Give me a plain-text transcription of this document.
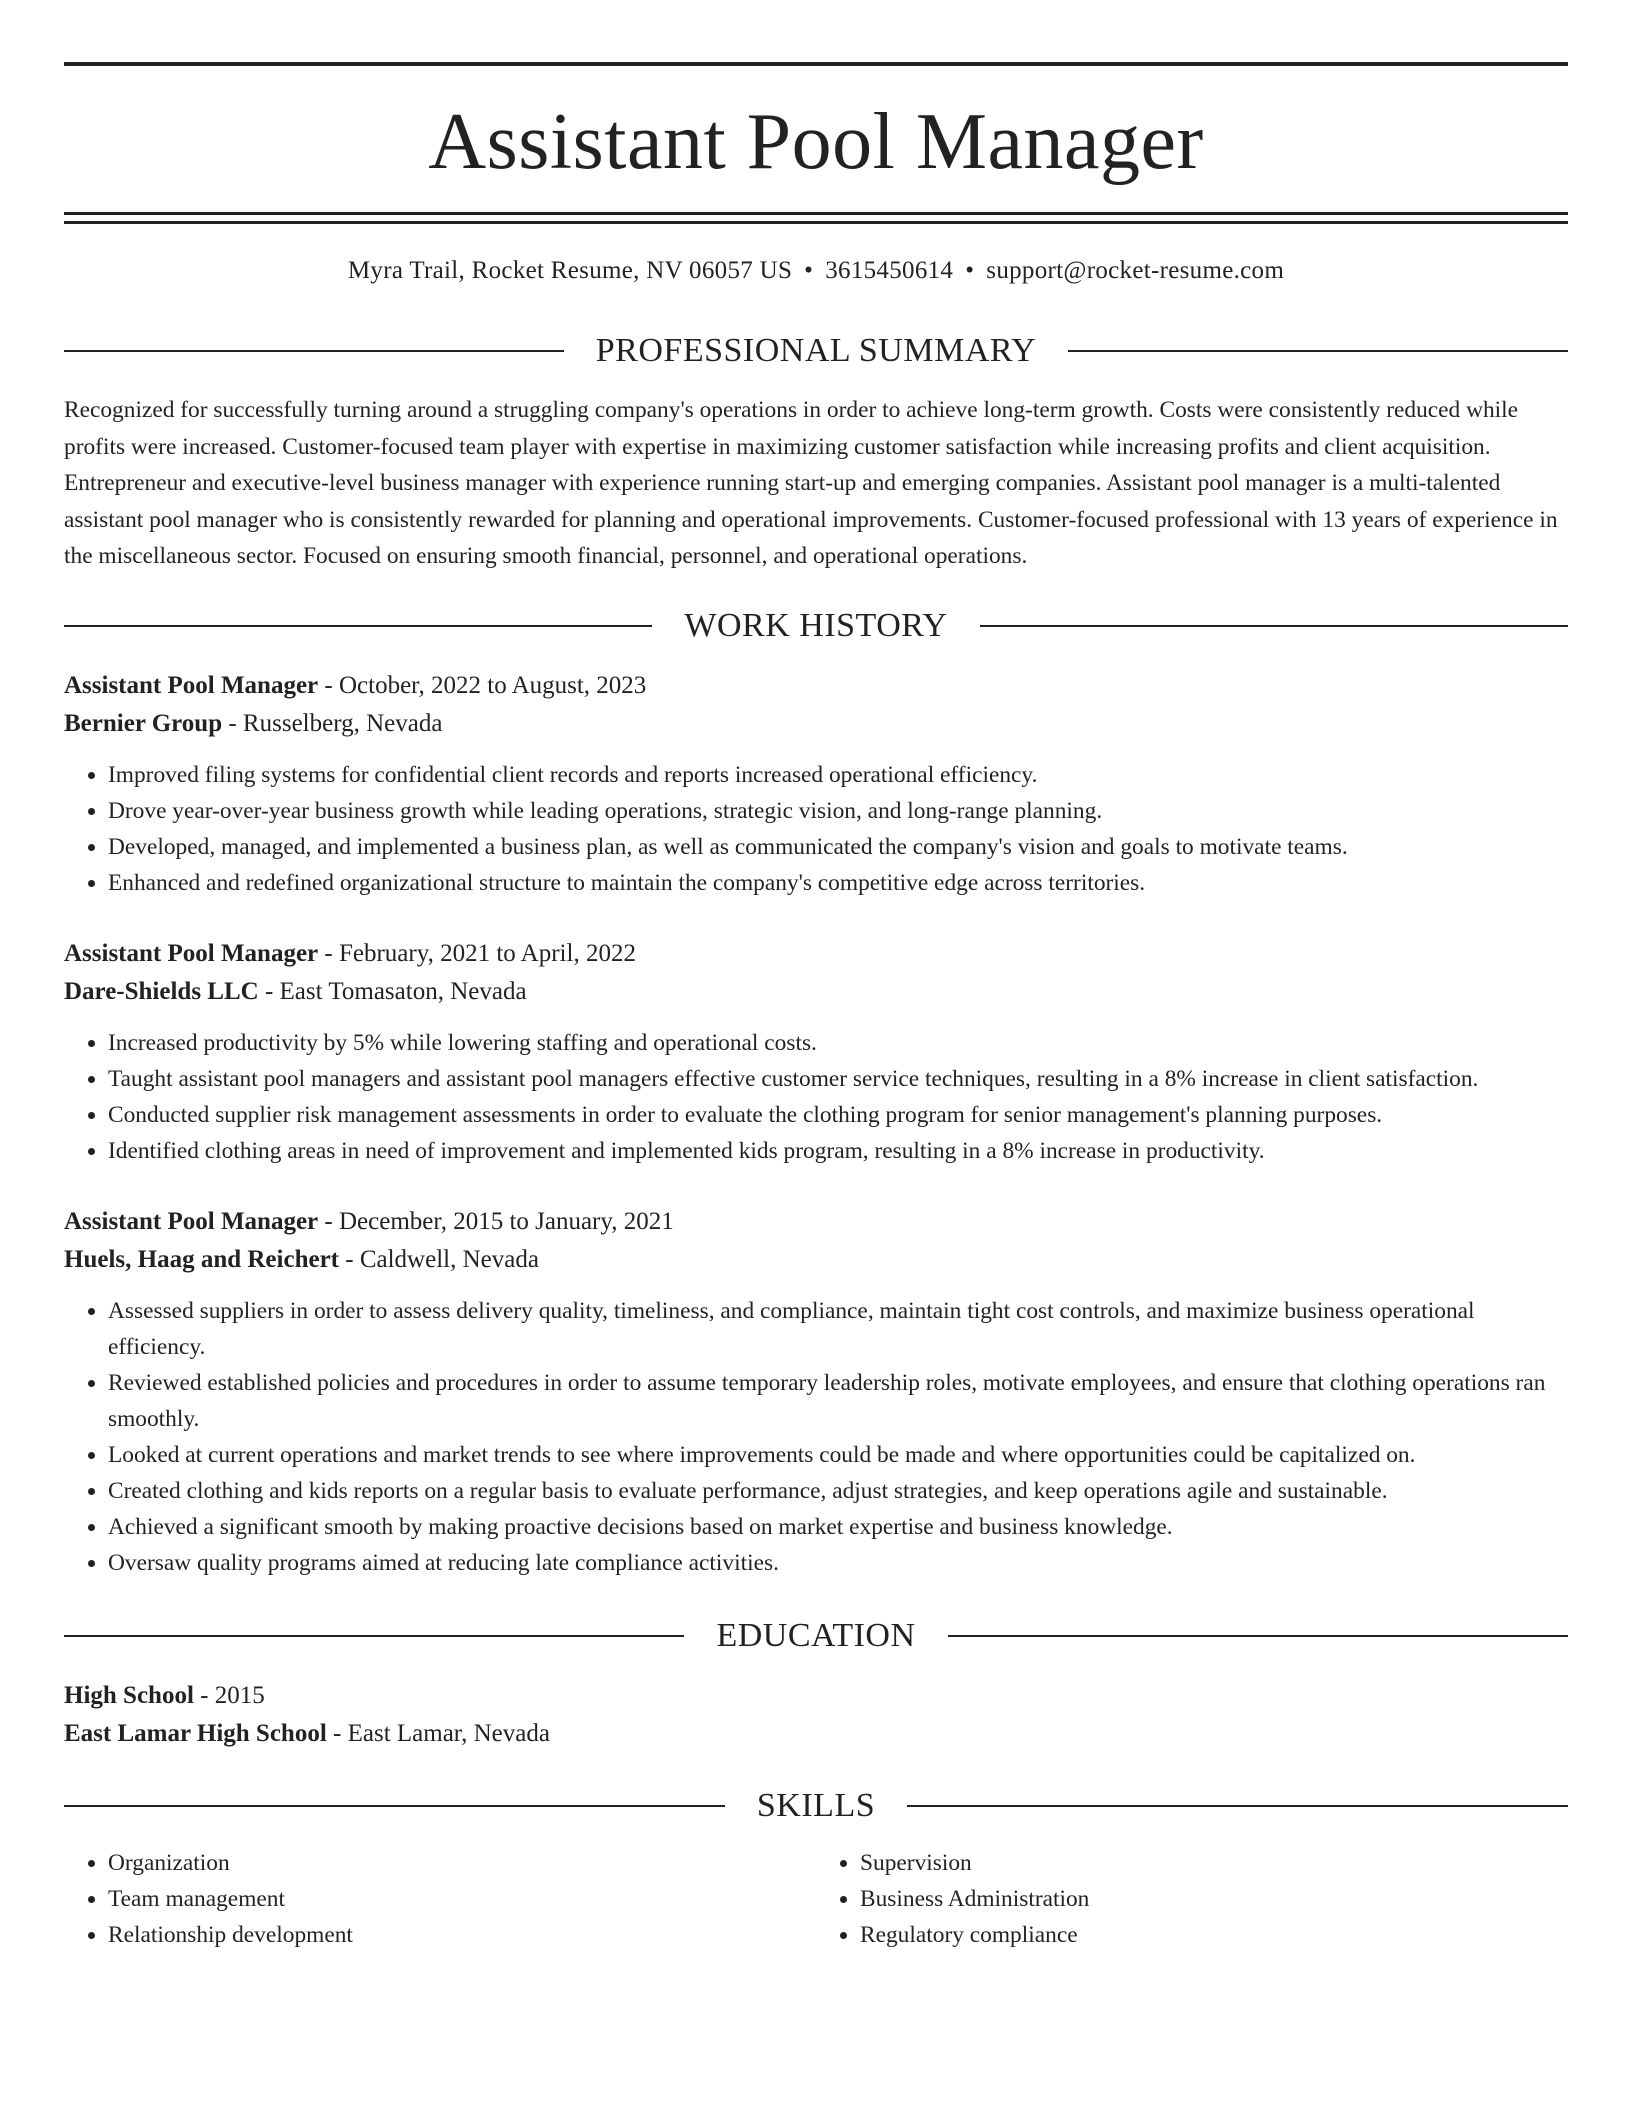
Assistant Pool Manager
Myra Trail, Rocket Resume, NV 06057 US • 3615450614 • support@rocket-resume.com
PROFESSIONAL SUMMARY
Recognized for successfully turning around a struggling company's operations in order to achieve long-term growth. Costs were consistently reduced while profits were increased. Customer-focused team player with expertise in maximizing customer satisfaction while increasing profits and client acquisition. Entrepreneur and executive-level business manager with experience running start-up and emerging companies. Assistant pool manager is a multi-talented assistant pool manager who is consistently rewarded for planning and operational improvements. Customer-focused professional with 13 years of experience in the miscellaneous sector. Focused on ensuring smooth financial, personnel, and operational operations.
WORK HISTORY
Assistant Pool Manager - October, 2022 to August, 2023
Bernier Group - Russelberg, Nevada
• Improved filing systems for confidential client records and reports increased operational efficiency.
• Drove year-over-year business growth while leading operations, strategic vision, and long-range planning.
• Developed, managed, and implemented a business plan, as well as communicated the company's vision and goals to motivate teams.
• Enhanced and redefined organizational structure to maintain the company's competitive edge across territories.
Assistant Pool Manager - February, 2021 to April, 2022
Dare-Shields LLC - East Tomasaton, Nevada
• Increased productivity by 5% while lowering staffing and operational costs.
• Taught assistant pool managers and assistant pool managers effective customer service techniques, resulting in a 8% increase in client satisfaction.
• Conducted supplier risk management assessments in order to evaluate the clothing program for senior management's planning purposes.
• Identified clothing areas in need of improvement and implemented kids program, resulting in a 8% increase in productivity.
Assistant Pool Manager - December, 2015 to January, 2021
Huels, Haag and Reichert - Caldwell, Nevada
• Assessed suppliers in order to assess delivery quality, timeliness, and compliance, maintain tight cost controls, and maximize business operational efficiency.
• Reviewed established policies and procedures in order to assume temporary leadership roles, motivate employees, and ensure that clothing operations ran smoothly.
• Looked at current operations and market trends to see where improvements could be made and where opportunities could be capitalized on.
• Created clothing and kids reports on a regular basis to evaluate performance, adjust strategies, and keep operations agile and sustainable.
• Achieved a significant smooth by making proactive decisions based on market expertise and business knowledge.
• Oversaw quality programs aimed at reducing late compliance activities.
EDUCATION
High School - 2015
East Lamar High School - East Lamar, Nevada
SKILLS
• Organization
• Team management
• Relationship development
• Supervision
• Business Administration
• Regulatory compliance
